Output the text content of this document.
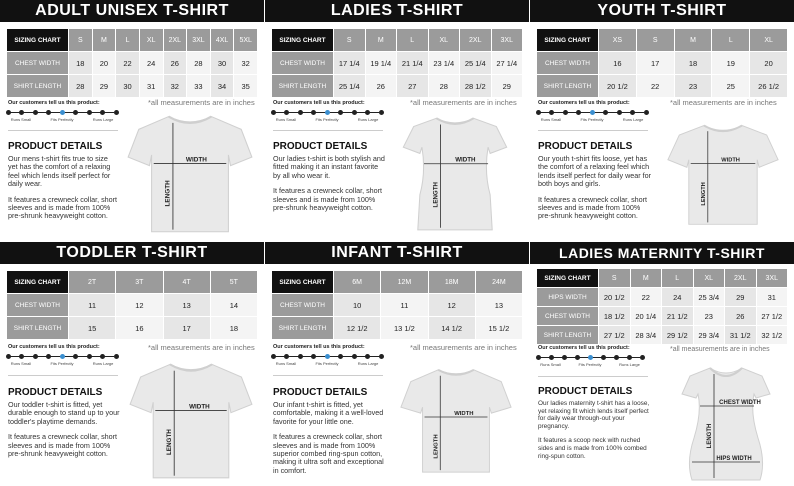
ADULT UNISEX T-SHIRT
SIZING CHART	S	M	L	XL	2XL	3XL	4XL	5XL
CHEST WIDTH	18	20	22	24	26	28	30	32
SHIRT LENGTH	28	29	30	31	32	33	34	35
Our customers tell us this product:
Runs Small	Fits Perfectly	Runs Large
*all measurements are in inches
PRODUCT DETAILS

Our mens t-shirt fits true to size yet has the comfort of a relaxing feel which lends itself perfect for daily wear.

It features a crewneck collar, short sleeves and is made from 100% pre-shrunk heavyweight cotton.

WIDTH
LENGTH
LADIES T-SHIRT
SIZING CHART	S	M	L	XL	2XL	3XL
CHEST WIDTH	17 1/4	19 1/4	21 1/4	23 1/4	25 1/4	27 1/4
SHIRT LENGTH	25 1/4	26	27	28	28 1/2	29
Our customers tell us this product:
Runs Small	Fits Perfectly	Runs Large
*all measurements are in inches
PRODUCT DETAILS

Our ladies t-shirt is both stylish and fitted making it an instant favorite by all who wear it.

It features a crewneck collar, short sleeves and is made from 100% pre-shrunk heavyweight cotton.

WIDTH
LENGTH
YOUTH T-SHIRT
SIZING CHART	XS	S	M	L	XL
CHEST WIDTH	16	17	18	19	20
SHIRT LENGTH	20 1/2	22	23	25	26 1/2
Our customers tell us this product:
Runs Small	Fits Perfectly	Runs Large
*all measurements are in inches
PRODUCT DETAILS

Our youth t-shirt fits loose, yet has the comfort of a relaxing feel which lends itself perfect for daily wear for both boys and girls.

It features a crewneck collar, short sleeves and is made from 100% pre-shrunk heavyweight cotton.

WIDTH
LENGTH
TODDLER T-SHIRT
SIZING CHART	2T	3T	4T	5T
CHEST WIDTH	11	12	13	14
SHIRT LENGTH	15	16	17	18
Our customers tell us this product:
Runs Small	Fits Perfectly	Runs Large
*all measurements are in inches
PRODUCT DETAILS

Our toddler t-shirt is fitted, yet durable enough to stand up to your toddler's playtime demands.

It features a crewneck collar, short sleeves and is made from 100% pre-shrunk heavyweight cotton.

WIDTH
LENGTH
INFANT T-SHIRT
SIZING CHART	6M	12M	18M	24M
CHEST WIDTH	10	11	12	13
SHIRT LENGTH	12 1/2	13 1/2	14 1/2	15 1/2
Our customers tell us this product:
Runs Small	Fits Perfectly	Runs Large
*all measurements are in inches
PRODUCT DETAILS

Our infant t-shirt is fitted, yet comfortable, making it a well-loved favorite for your little one.

It features a crewneck collar, short sleeves and is made from 100% superior combed ring-spun cotton, making it ultra soft and exceptional in comfort.

WIDTH
LENGTH
LADIES MATERNITY T-SHIRT
SIZING CHART	S	M	L	XL	2XL	3XL
HIPS WIDTH	20 1/2	22	24	25 3/4	29	31
CHEST WIDTH	18 1/2	20 1/4	21 1/2	23	26	27 1/2
SHIRT LENGTH	27 1/2	28 3/4	29 1/2	29 3/4	31 1/2	32 1/2
Our customers tell us this product:
Runs Small	Fits Perfectly	Runs Large
*all measurements are in inches
PRODUCT DETAILS

Our ladies maternity t-shirt has a loose, yet relaxing fit which lends itself perfect for daily wear through-out your pregnancy.

It features a scoop neck with ruched sides and is made from 100% combed ring-spun cotton.

CHEST WIDTH
HIPS WIDTH
LENGTH
